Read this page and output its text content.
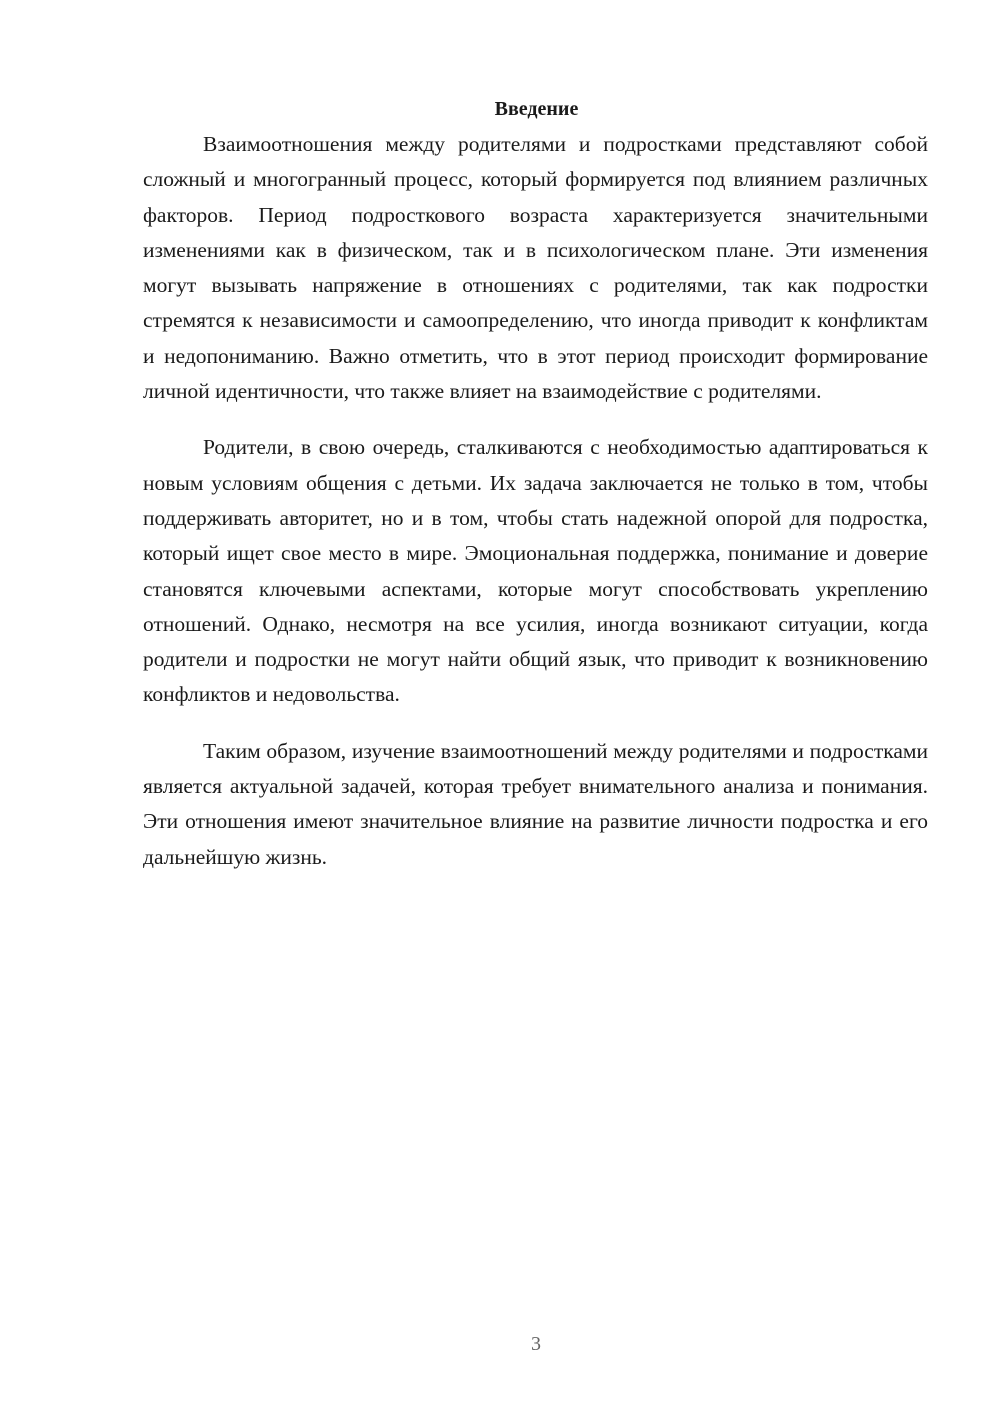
Введение

Взаимоотношения между родителями и подростками представляют собой сложный и многогранный процесс, который формируется под влиянием различных факторов. Период подросткового возраста характеризуется значительными изменениями как в физическом, так и в психологическом плане. Эти изменения могут вызывать напряжение в отношениях с родителями, так как подростки стремятся к независимости и самоопределению, что иногда приводит к конфликтам и недопониманию. Важно отметить, что в этот период происходит формирование личной идентичности, что также влияет на взаимодействие с родителями.

Родители, в свою очередь, сталкиваются с необходимостью адаптироваться к новым условиям общения с детьми. Их задача заключается не только в том, чтобы поддерживать авторитет, но и в том, чтобы стать надежной опорой для подростка, который ищет свое место в мире. Эмоциональная поддержка, понимание и доверие становятся ключевыми аспектами, которые могут способствовать укреплению отношений. Однако, несмотря на все усилия, иногда возникают ситуации, когда родители и подростки не могут найти общий язык, что приводит к возникновению конфликтов и недовольства.

Таким образом, изучение взаимоотношений между родителями и подростками является актуальной задачей, которая требует внимательного анализа и понимания. Эти отношения имеют значительное влияние на развитие личности подростка и его дальнейшую жизнь.

3
